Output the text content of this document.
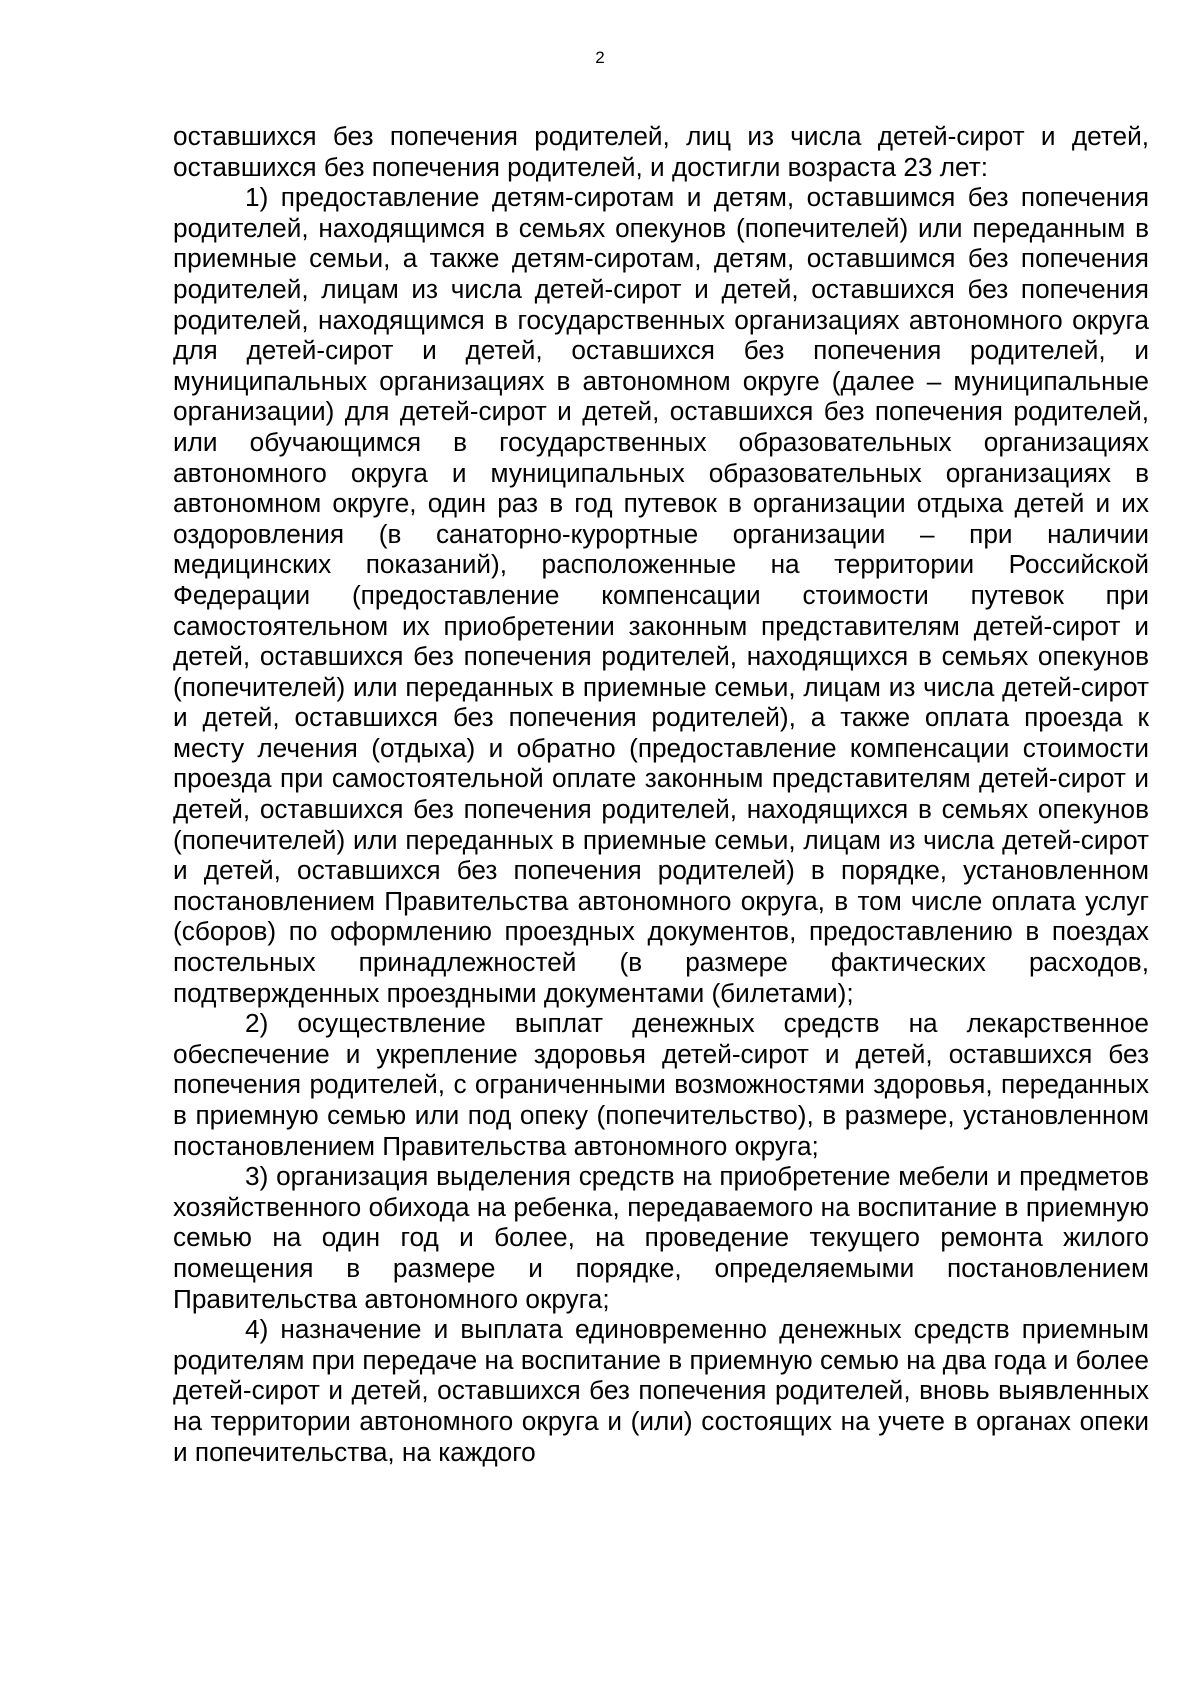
2

оставшихся без попечения родителей, лиц из числа детей-сирот и детей, оставшихся без попечения родителей, и достигли возраста 23 лет:

1) предоставление детям-сиротам и детям, оставшимся без попечения родителей, находящимся в семьях опекунов (попечителей) или переданным в приемные семьи, а также детям-сиротам, детям, оставшимся без попечения родителей, лицам из числа детей-сирот и детей, оставшихся без попечения родителей, находящимся в государственных организациях автономного округа для детей-сирот и детей, оставшихся без попечения родителей, и муниципальных организациях в автономном округе (далее – муниципальные организации) для детей-сирот и детей, оставшихся без попечения родителей, или обучающимся в государственных образовательных организациях автономного округа и муниципальных образовательных организациях в автономном округе, один раз в год путевок в организации отдыха детей и их оздоровления (в санаторно-курортные организации – при наличии медицинских показаний), расположенные на территории Российской Федерации (предоставление компенсации стоимости путевок при самостоятельном их приобретении законным представителям детей-сирот и детей, оставшихся без попечения родителей, находящихся в семьях опекунов (попечителей) или переданных в приемные семьи, лицам из числа детей-сирот и детей, оставшихся без попечения родителей), а также оплата проезда к месту лечения (отдыха) и обратно (предоставление компенсации стоимости проезда при самостоятельной оплате законным представителям детей-сирот и детей, оставшихся без попечения родителей, находящихся в семьях опекунов (попечителей) или переданных в приемные семьи, лицам из числа детей-сирот и детей, оставшихся без попечения родителей) в порядке, установленном постановлением Правительства автономного округа, в том числе оплата услуг (сборов) по оформлению проездных документов, предоставлению в поездах постельных принадлежностей (в размере фактических расходов, подтвержденных проездными документами (билетами);

2) осуществление выплат денежных средств на лекарственное обеспечение и укрепление здоровья детей-сирот и детей, оставшихся без попечения родителей, с ограниченными возможностями здоровья, переданных в приемную семью или под опеку (попечительство), в размере, установленном постановлением Правительства автономного округа;

3) организация выделения средств на приобретение мебели и предметов хозяйственного обихода на ребенка, передаваемого на воспитание в приемную семью на один год и более, на проведение текущего ремонта жилого помещения в размере и порядке, определяемыми постановлением Правительства автономного округа;

4) назначение и выплата единовременно денежных средств приемным родителям при передаче на воспитание в приемную семью на два года и более детей-сирот и детей, оставшихся без попечения родителей, вновь выявленных на территории автономного округа и (или) состоящих на учете в органах опеки и попечительства, на каждого
